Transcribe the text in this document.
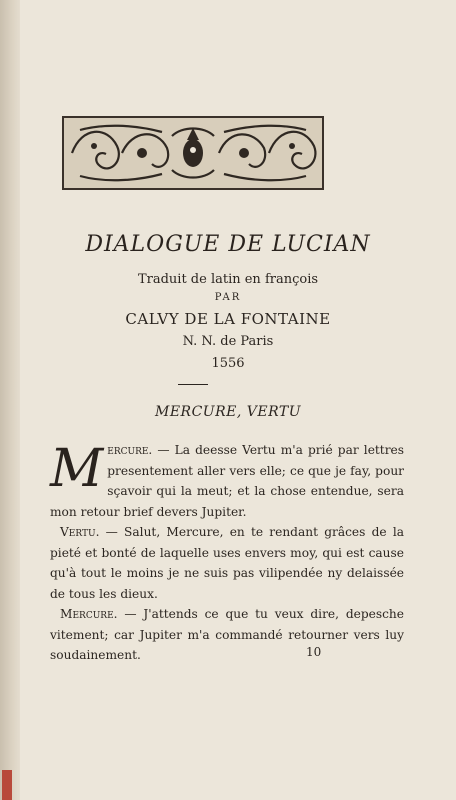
DIALOGUE DE LUCIAN
Traduit de latin en françois
PAR
CALVY DE LA FONTAINE
N. N. de Paris
1556
MERCURE, VERTU

Mercure. — La deesse Vertu m'a prié par lettres presentement aller vers elle; ce que je fay, pour sçavoir qui la meut; et la chose entendue, sera mon retour brief devers Jupiter.

Vertu. — Salut, Mercure, en te rendant grâces de la pieté et bonté de laquelle uses envers moy, qui est cause qu'à tout le moins je ne suis pas vilipendée ny delaissée de tous les dieux.

Mercure. — J'attends ce que tu veux dire, depesche vitement; car Jupiter m'a commandé retourner vers luy soudainement.	10
